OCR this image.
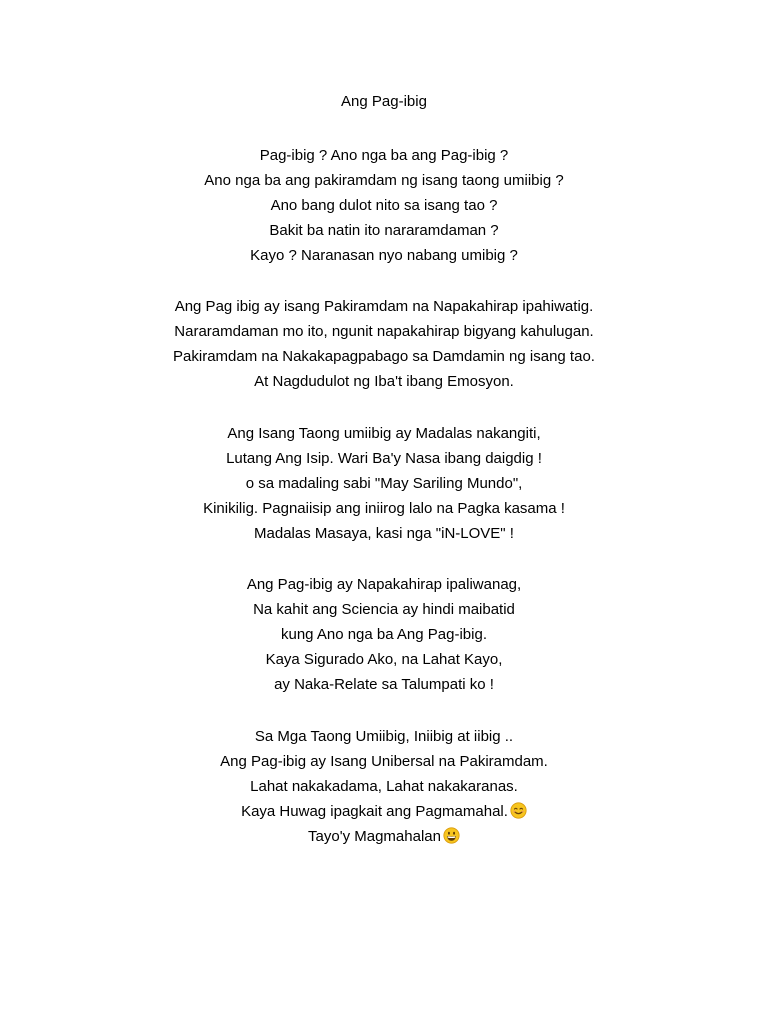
Ang Pag-ibig
Pag-ibig ? Ano nga ba ang Pag-ibig ?
Ano nga ba ang pakiramdam ng isang taong umiibig ?
Ano bang dulot nito sa isang tao ?
Bakit ba natin ito nararamdaman ?
Kayo ? Naranasan nyo nabang umibig ?
Ang Pag ibig ay isang Pakiramdam na Napakahirap ipahiwatig.
Nararamdaman mo ito, ngunit napakahirap bigyang kahulugan.
Pakiramdam na Nakakapagpabago sa Damdamin ng isang tao.
At Nagdudulot ng Iba't ibang Emosyon.
Ang Isang Taong umiibig ay Madalas nakangiti,
Lutang Ang Isip. Wari Ba'y Nasa ibang daigdig !
o sa madaling sabi "May Sariling Mundo",
Kinikilig. Pagnaiisip ang iniirog lalo na Pagka kasama !
Madalas Masaya, kasi nga "iN-LOVE" !
Ang Pag-ibig ay Napakahirap ipaliwanag,
Na kahit ang Sciencia ay hindi maibatid
kung Ano nga ba Ang Pag-ibig.
Kaya Sigurado Ako, na Lahat Kayo,
ay Naka-Relate sa Talumpati ko !
Sa Mga Taong Umiibig, Iniibig at iibig ..
Ang Pag-ibig ay Isang Unibersal na Pakiramdam.
Lahat nakakadama, Lahat nakakaranas.
Kaya Huwag ipagkait ang Pagmamahal.
Tayo'y Magmahalan
